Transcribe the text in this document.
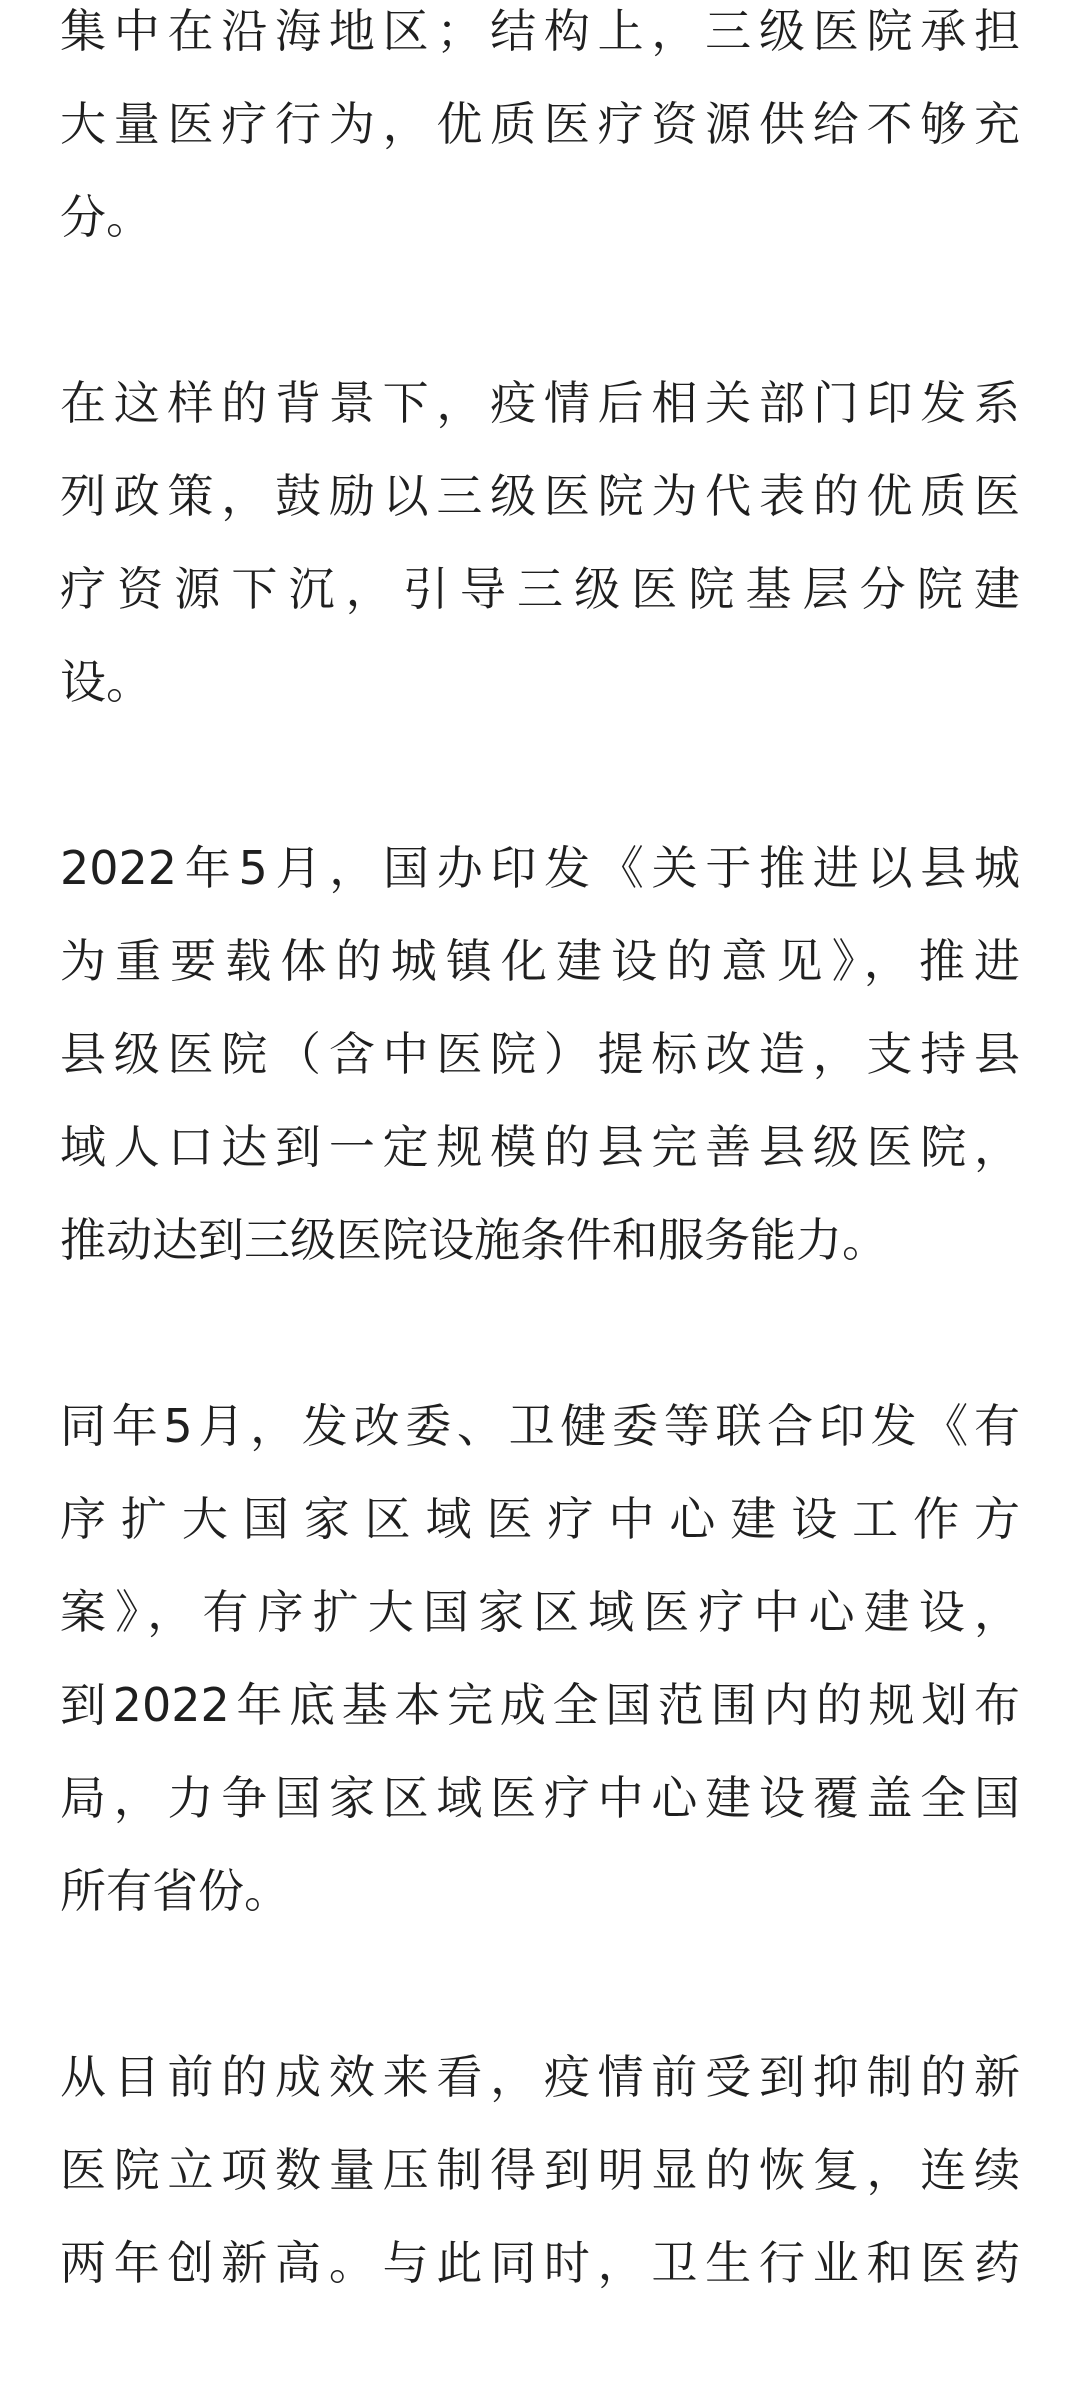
集中在沿海地区；结构上，三级医院承担
大量医疗行为，优质医疗资源供给不够充
分。

在这样的背景下，疫情后相关部门印发系
列政策，鼓励以三级医院为代表的优质医
疗资源下沉，引导三级医院基层分院建
设。

2022年5月，国办印发《关于推进以县城
为重要载体的城镇化建设的意见》，推进
县级医院（含中医院）提标改造，支持县
域人口达到一定规模的县完善县级医院，
推动达到三级医院设施条件和服务能力。

同年5月，发改委、卫健委等联合印发《有
序扩大国家区域医疗中心建设工作方
案》，有序扩大国家区域医疗中心建设，
到2022年底基本完成全国范围内的规划布
局，力争国家区域医疗中心建设覆盖全国
所有省份。

从目前的成效来看，疫情前受到抑制的新
医院立项数量压制得到明显的恢复，连续
两年创新高。与此同时，卫生行业和医药
